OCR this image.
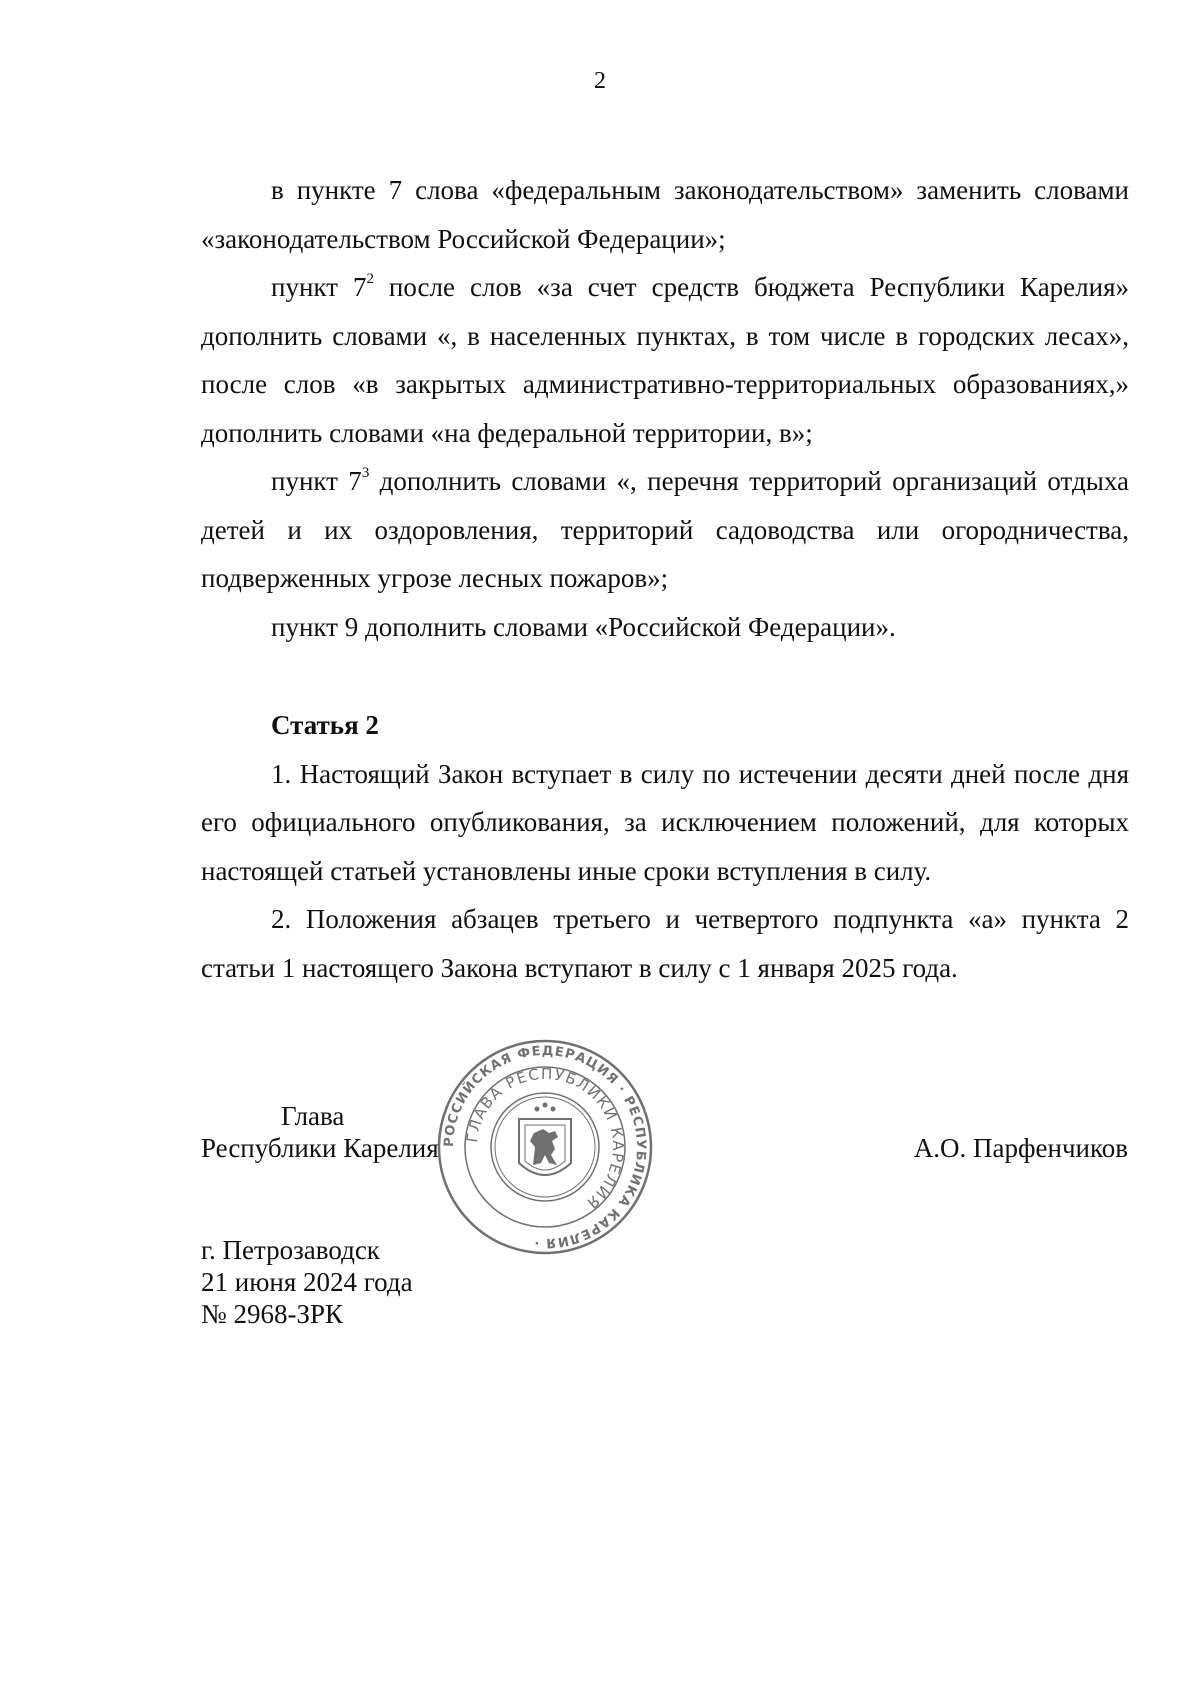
2

в пункте 7 слова «федеральным законодательством» заменить словами «законодательством Российской Федерации»;

пункт $7^2$ после слов «за счет средств бюджета Республики Карелия» дополнить словами «, в населенных пунктах, в том числе в городских лесах», после слов «в закрытых административно-территориальных образованиях,» дополнить словами «на федеральной территории, в»;

пункт $7^3$ дополнить словами «, перечня территорий организаций отдыха детей и их оздоровления, территорий садоводства или огородничества, подверженных угрозе лесных пожаров»;

пункт 9 дополнить словами «Российской Федерации».

Статья 2

1. Настоящий Закон вступает в силу по истечении десяти дней после дня его официального опубликования, за исключением положений, для которых настоящей статьей установлены иные сроки вступления в силу.

2. Положения абзацев третьего и четвертого подпункта «а» пункта 2 статьи 1 настоящего Закона вступают в силу с 1 января 2025 года.

Глава
Республики Карелия	А.О. Парфенчиков
РОССИЙСКАЯ ФЕДЕРАЦИЯ · РЕСПУБЛИКА КАРЕЛИЯ ·
ГЛАВА РЕСПУБЛИКИ КАРЕЛИЯ
г. Петрозаводск
21 июня 2024 года
№ 2968-ЗРК
